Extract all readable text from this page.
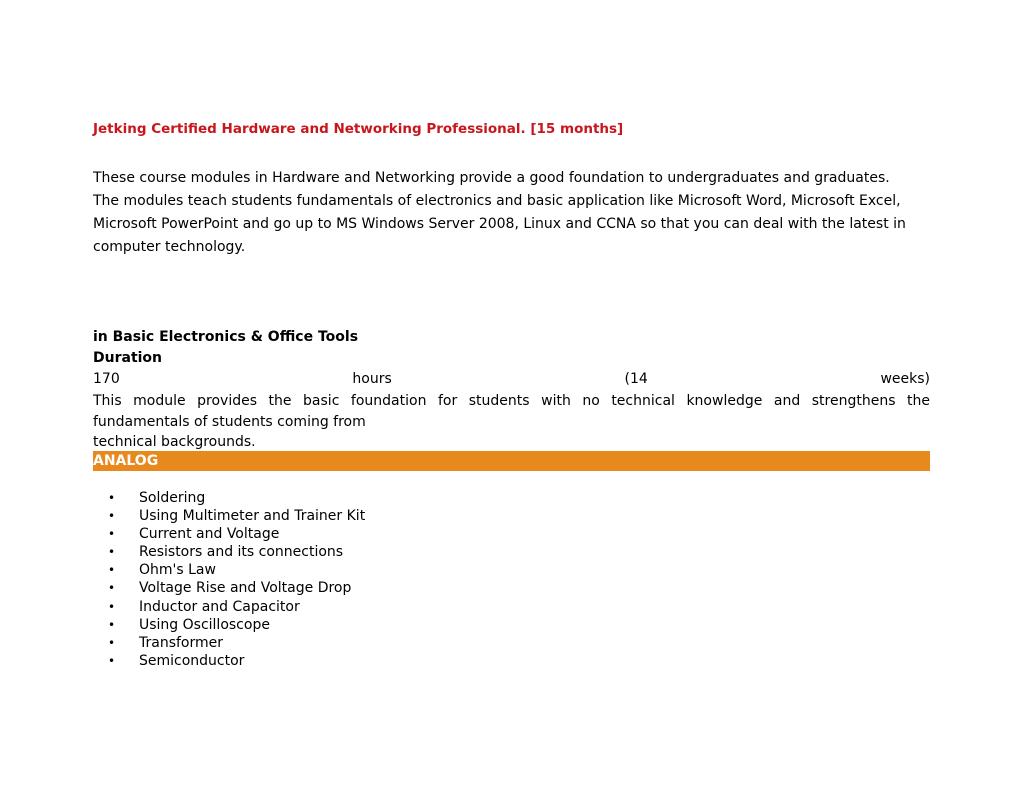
Jetking Certified Hardware and Networking Professional. [15 months]

These course modules in Hardware and Networking provide a good foundation to undergraduates and graduates.
The modules teach students fundamentals of electronics and basic application like Microsoft Word, Microsoft Excel,
Microsoft PowerPoint and go up to MS Windows Server 2008, Linux and CCNA so that you can deal with the latest in
computer technology.

in Basic Electronics & Office Tools

Duration

170	hours	(14	weeks)

This module provides the basic foundation for students with no technical knowledge and strengthens the
fundamentals of students coming from
technical backgrounds.

ANALOG
• Soldering
• Using Multimeter and Trainer Kit
• Current and Voltage
• Resistors and its connections
• Ohm's Law
• Voltage Rise and Voltage Drop
• Inductor and Capacitor
• Using Oscilloscope
• Transformer
• Semiconductor
